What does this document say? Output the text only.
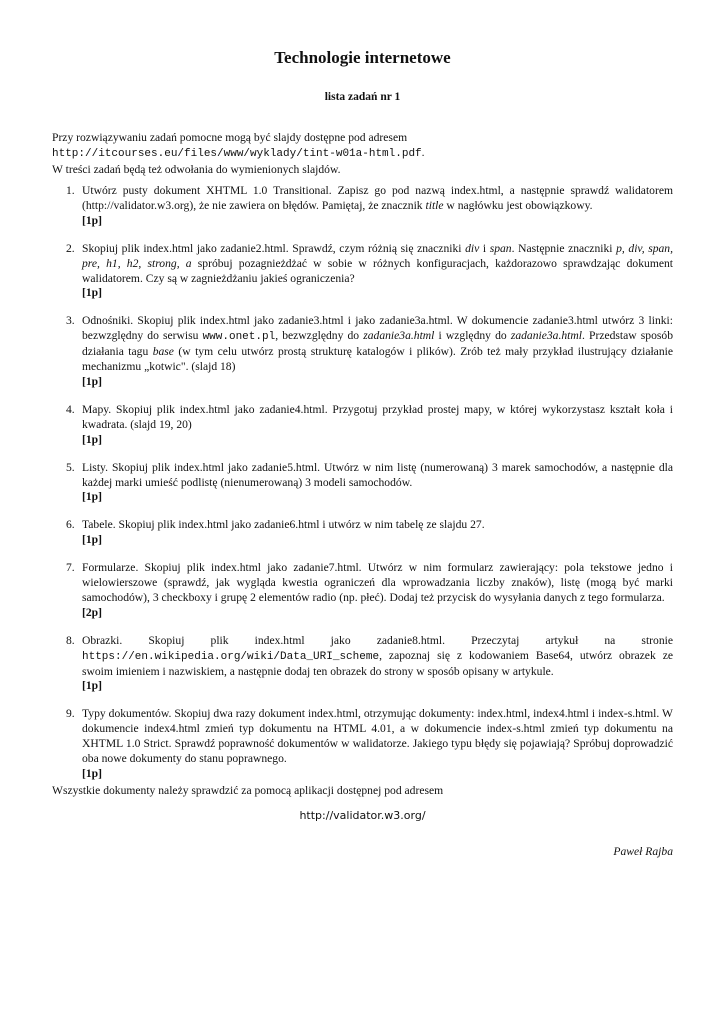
Technologie internetowe
lista zadań nr 1
Przy rozwiązywaniu zadań pomocne mogą być slajdy dostępne pod adresem
http://itcourses.eu/files/www/wyklady/tint-w01a-html.pdf.
W treści zadań będą też odwołania do wymienionych slajdów.
1. Utwórz pusty dokument XHTML 1.0 Transitional. Zapisz go pod nazwą index.html, a następnie sprawdź walidatorem (http://validator.w3.org), że nie zawiera on błędów. Pamiętaj, że znacznik title w nagłówku jest obowiązkowy.
[1p]
2. Skopiuj plik index.html jako zadanie2.html. Sprawdź, czym różnią się znaczniki div i span. Następnie znaczniki p, div, span, pre, h1, h2, strong, a spróbuj pozagnieżdżać w sobie w różnych konfiguracjach, każdorazowo sprawdzając dokument walidatorem. Czy są w zagnieżdżaniu jakieś ograniczenia?
[1p]
3. Odnośniki. Skopiuj plik index.html jako zadanie3.html i jako zadanie3a.html. W dokumencie zadanie3.html utwórz 3 linki: bezwzględny do serwisu www.onet.pl, bezwzględny do zadanie3a.html i względny do zadanie3a.html. Przedstaw sposób działania tagu base (w tym celu utwórz prostą strukturę katalogów i plików). Zrób też mały przykład ilustrujący działanie mechanizmu „kotwic". (slajd 18)
[1p]
4. Mapy. Skopiuj plik index.html jako zadanie4.html. Przygotuj przykład prostej mapy, w której wykorzystasz kształt koła i kwadrata. (slajd 19, 20)
[1p]
5. Listy. Skopiuj plik index.html jako zadanie5.html. Utwórz w nim listę (numerowaną) 3 marek samochodów, a następnie dla każdej marki umieść podlistę (nienumerowaną) 3 modeli samochodów.
[1p]
6. Tabele. Skopiuj plik index.html jako zadanie6.html i utwórz w nim tabelę ze slajdu 27.
[1p]
7. Formularze. Skopiuj plik index.html jako zadanie7.html. Utwórz w nim formularz zawierający: pola tekstowe jedno i wielowierszowe (sprawdź, jak wygląda kwestia ograniczeń dla wprowadzania liczby znaków), listę (mogą być marki samochodów), 3 checkboxy i grupę 2 elementów radio (np. płeć). Dodaj też przycisk do wysyłania danych z tego formularza.
[2p]
8. Obrazki. Skopiuj plik index.html jako zadanie8.html. Przeczytaj artykuł na stronie https://en.wikipedia.org/wiki/Data_URI_scheme, zapoznaj się z kodowaniem Base64, utwórz obrazek ze swoim imieniem i nazwiskiem, a następnie dodaj ten obrazek do strony w sposób opisany w artykule.
[1p]
9. Typy dokumentów. Skopiuj dwa razy dokument index.html, otrzymując dokumenty: index.html, index4.html i index-s.html. W dokumencie index4.html zmień typ dokumentu na HTML 4.01, a w dokumencie index-s.html zmień typ dokumentu na XHTML 1.0 Strict. Sprawdź poprawność dokumentów w walidatorze. Jakiego typu błędy się pojawiają? Spróbuj doprowadzić oba nowe dokumenty do stanu poprawnego.
[1p]
Wszystkie dokumenty należy sprawdzić za pomocą aplikacji dostępnej pod adresem
http://validator.w3.org/
Paweł Rajba
